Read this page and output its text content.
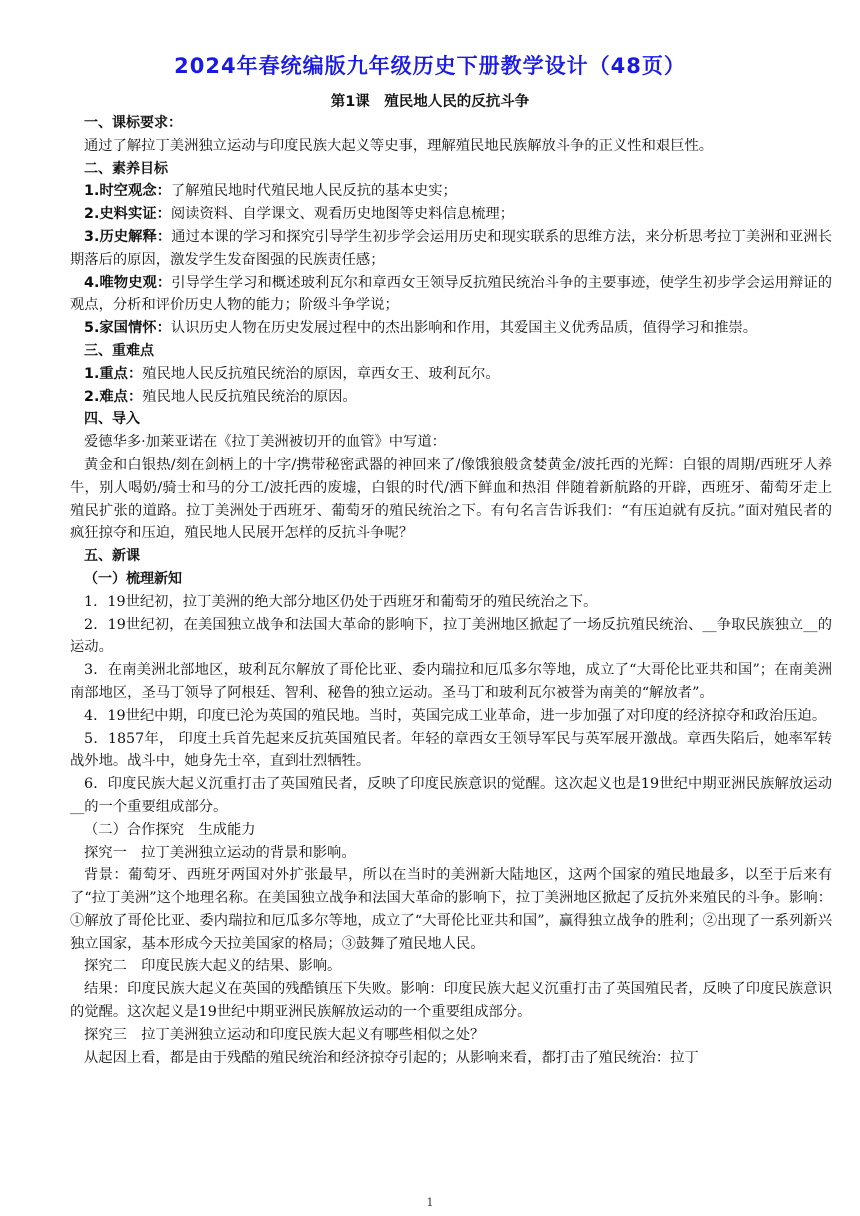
2024年春统编版九年级历史下册教学设计（48页）
第1课　殖民地人民的反抗斗争

一、课标要求：

通过了解拉丁美洲独立运动与印度民族大起义等史事，理解殖民地民族解放斗争的正义性和艰巨性。

二、素养目标

1.时空观念：了解殖民地时代殖民地人民反抗的基本史实；

2.史料实证：阅读资料、自学课文、观看历史地图等史料信息梳理；

3.历史解释：通过本课的学习和探究引导学生初步学会运用历史和现实联系的思维方法，来分析思考拉丁美洲和亚洲长期落后的原因，激发学生发奋图强的民族责任感；

4.唯物史观：引导学生学习和概述玻利瓦尔和章西女王领导反抗殖民统治斗争的主要事迹，使学生初步学会运用辩证的观点，分析和评价历史人物的能力；阶级斗争学说；

5.家国情怀：认识历史人物在历史发展过程中的杰出影响和作用，其爱国主义优秀品质，值得学习和推崇。

三、重难点

1.重点：殖民地人民反抗殖民统治的原因，章西女王、玻利瓦尔。

2.难点：殖民地人民反抗殖民统治的原因。

四、导入

爱德华多·加莱亚诺在《拉丁美洲被切开的血管》中写道：

黄金和白银热/刻在剑柄上的十字/携带秘密武器的神回来了/像饿狼般贪婪黄金/波托西的光辉：白银的周期/西班牙人养牛，别人喝奶/骑士和马的分工/波托西的废墟，白银的时代/洒下鲜血和热泪 伴随着新航路的开辟，西班牙、葡萄牙走上殖民扩张的道路。拉丁美洲处于西班牙、葡萄牙的殖民统治之下。有句名言告诉我们：“有压迫就有反抗。”面对殖民者的疯狂掠夺和压迫，殖民地人民展开怎样的反抗斗争呢？

五、新课

（一）梳理新知

1．19世纪初，拉丁美洲的绝大部分地区仍处于西班牙和葡萄牙的殖民统治之下。

2．19世纪初，在美国独立战争和法国大革命的影响下，拉丁美洲地区掀起了一场反抗殖民统治、__争取民族独立__的运动。

3．在南美洲北部地区，玻利瓦尔解放了哥伦比亚、委内瑞拉和厄瓜多尔等地，成立了“大哥伦比亚共和国”；在南美洲南部地区，圣马丁领导了阿根廷、智利、秘鲁的独立运动。圣马丁和玻利瓦尔被誉为南美的“解放者”。

4．19世纪中期，印度已沦为英国的殖民地。当时，英国完成工业革命，进一步加强了对印度的经济掠夺和政治压迫。

5．1857年， 印度土兵首先起来反抗英国殖民者。年轻的章西女王领导军民与英军展开激战。章西失陷后，她率军转战外地。战斗中，她身先士卒，直到壮烈牺牲。

6．印度民族大起义沉重打击了英国殖民者，反映了印度民族意识的觉醒。这次起义也是19世纪中期亚洲民族解放运动__的一个重要组成部分。

（二）合作探究　生成能力

探究一　拉丁美洲独立运动的背景和影响。

背景：葡萄牙、西班牙两国对外扩张最早，所以在当时的美洲新大陆地区，这两个国家的殖民地最多，以至于后来有了“拉丁美洲”这个地理名称。在美国独立战争和法国大革命的影响下，拉丁美洲地区掀起了反抗外来殖民的斗争。影响：①解放了哥伦比亚、委内瑞拉和厄瓜多尔等地，成立了“大哥伦比亚共和国”，赢得独立战争的胜利；②出现了一系列新兴独立国家，基本形成今天拉美国家的格局；③鼓舞了殖民地人民。

探究二　印度民族大起义的结果、影响。

结果：印度民族大起义在英国的残酷镇压下失败。影响：印度民族大起义沉重打击了英国殖民者，反映了印度民族意识的觉醒。这次起义是19世纪中期亚洲民族解放运动的一个重要组成部分。

探究三　拉丁美洲独立运动和印度民族大起义有哪些相似之处？

从起因上看，都是由于残酷的殖民统治和经济掠夺引起的；从影响来看，都打击了殖民统治：拉丁

1
